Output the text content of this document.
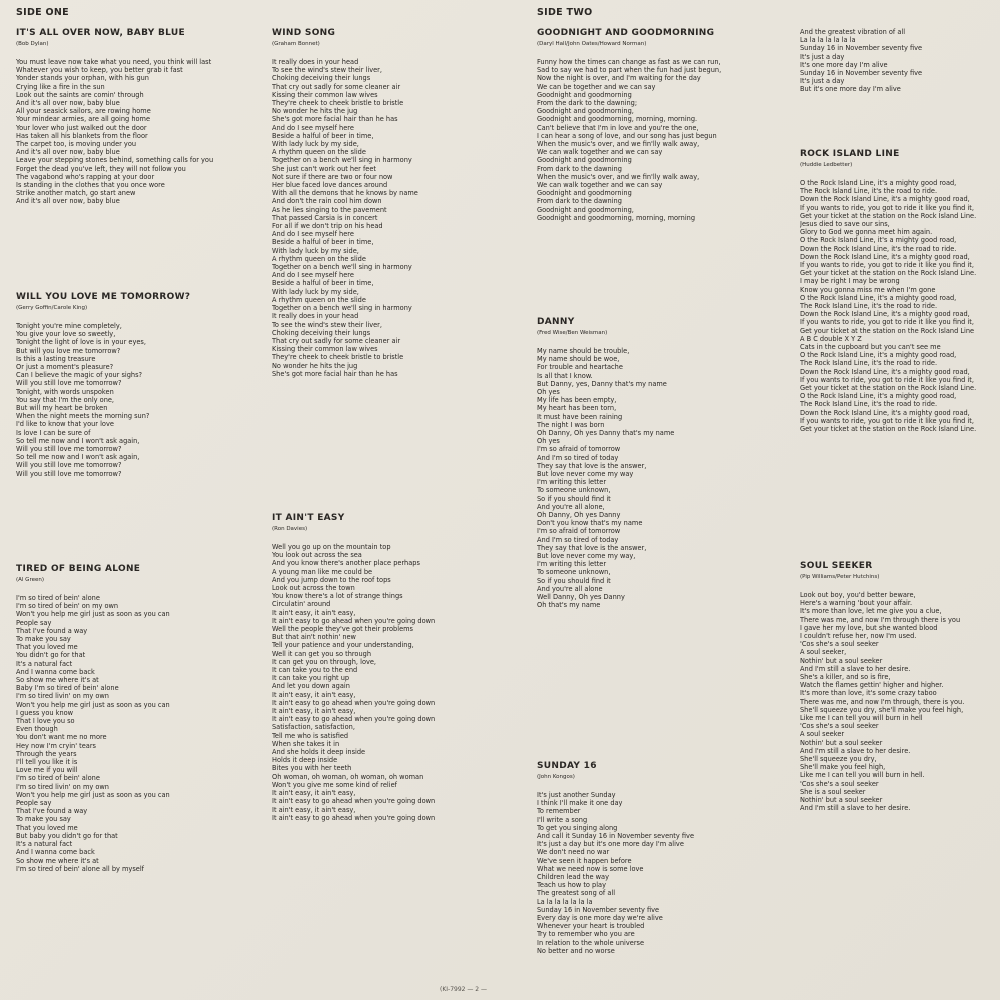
SIDE ONE	SIDE TWO
IT'S ALL OVER NOW, BABY BLUE
(Bob Dylan)
You must leave now take what you need, you think will last
Whatever you wish to keep, you better grab it fast
Yonder stands your orphan, with his gun
Crying like a fire in the sun
Look out the saints are comin' through
And it's all over now, baby blue
All your seasick sailors, are rowing home
Your mindear armies, are all going home
Your lover who just walked out the door
Has taken all his blankets from the floor
The carpet too, is moving under you
And it's all over now, baby blue
Leave your stepping stones behind, something calls for you
Forget the dead you've left, they will not follow you
The vagabond who's rapping at your door
Is standing in the clothes that you once wore
Strike another match, go start anew
And it's all over now, baby blue
WILL YOU LOVE ME TOMORROW?
(Gerry Goffin/Carole King)
Tonight you're mine completely,
You give your love so sweetly,
Tonight the light of love is in your eyes,
But will you love me tomorrow?
Is this a lasting treasure
Or just a moment's pleasure?
Can I believe the magic of your sighs?
Will you still love me tomorrow?
Tonight, with words unspoken
You say that I'm the only one,
But will my heart be broken
When the night meets the morning sun?
I'd like to know that your love
Is love I can be sure of
So tell me now and I won't ask again,
Will you still love me tomorrow?
So tell me now and I won't ask again,
Will you still love me tomorrow?
Will you still love me tomorrow?
TIRED OF BEING ALONE
(Al Green)
I'm so tired of bein' alone
I'm so tired of bein' on my own
Won't you help me girl just as soon as you can
People say
That I've found a way
To make you say
That you loved me
You didn't go for that
It's a natural fact
And I wanna come back
So show me where it's at
Baby I'm so tired of bein' alone
I'm so tired livin' on my own
Won't you help me girl just as soon as you can
I guess you know
That I love you so
Even though
You don't want me no more
Hey now I'm cryin' tears
Through the years
I'll tell you like it is
Love me if you will
I'm so tired of bein' alone
I'm so tired livin' on my own
Won't you help me girl just as soon as you can
People say
That I've found a way
To make you say
That you loved me
But baby you didn't go for that
It's a natural fact
And I wanna come back
So show me where it's at
I'm so tired of bein' alone all by myself
WIND SONG
(Graham Bonnet)
It really does in your head
To see the wind's stew their liver,
Choking deceiving their lungs
That cry out sadly for some cleaner air
Kissing their common law wives
They're cheek to cheek bristle to bristle
No wonder he hits the jug
She's got more facial hair than he has
And do I see myself here
Beside a halful of beer in time,
With lady luck by my side,
A rhythm queen on the slide
Together on a bench we'll sing in harmony
She just can't work out her feet
Not sure if there are two or four now
Her blue faced love dances around
With all the demons that he knows by name
And don't the rain cool him down
As he lies singing to the pavement
That passed Carsia is in concert
For all if we don't trip on his head
And do I see myself here
Beside a halful of beer in time,
With lady luck by my side,
A rhythm queen on the slide
Together on a bench we'll sing in harmony
And do I see myself here
Beside a halful of beer in time,
With lady luck by my side,
A rhythm queen on the slide
Together on a bench we'll sing in harmony
It really does in your head
To see the wind's stew their liver,
Choking deceiving their lungs
That cry out sadly for some cleaner air
Kissing their common law wives
They're cheek to cheek bristle to bristle
No wonder he hits the jug
She's got more facial hair than he has
IT AIN'T EASY
(Ron Davies)
Well you go up on the mountain top
You look out across the sea
And you know there's another place perhaps
A young man like me could be
And you jump down to the roof tops
Look out across the town
You know there's a lot of strange things
Circulatin' around
It ain't easy, it ain't easy,
It ain't easy to go ahead when you're going down
Well the people they've got their problems
But that ain't nothin' new
Tell your patience and your understanding,
Well it can get you so through
It can get you on through, love,
It can take you to the end
It can take you right up
And let you down again
It ain't easy, it ain't easy,
It ain't easy to go ahead when you're going down
It ain't easy, it ain't easy,
It ain't easy to go ahead when you're going down
Satisfaction, satisfaction,
Tell me who is satisfied
When she takes it in
And she holds it deep inside
Holds it deep inside
Bites you with her teeth
Oh woman, oh woman, oh woman, oh woman
Won't you give me some kind of relief
It ain't easy, it ain't easy,
It ain't easy to go ahead when you're going down
It ain't easy, it ain't easy,
It ain't easy to go ahead when you're going down
GOODNIGHT AND GOODMORNING
(Daryl Hall/John Oates/Howard Norman)
Funny how the times can change as fast as we can run,
Sad to say we had to part when the fun had just begun,
Now the night is over, and I'm waiting for the day
We can be together and we can say
Goodnight and goodmorning
From the dark to the dawning;
Goodnight and goodmorning,
Goodnight and goodmorning, morning, morning.
Can't believe that I'm in love and you're the one,
I can hear a song of love, and our song has just begun
When the music's over, and we fin'lly walk away,
We can walk together and we can say
Goodnight and goodmorning
From dark to the dawning
When the music's over, and we fin'lly walk away,
We can walk together and we can say
Goodnight and goodmorning
From dark to the dawning
Goodnight and goodmorning,
Goodnight and goodmorning, morning, morning
DANNY
(Fred Wise/Ben Weisman)
My name should be trouble,
My name should be woe,
For trouble and heartache
Is all that I know.
But Danny, yes, Danny that's my name
Oh yes
My life has been empty,
My heart has been torn,
It must have been raining
The night I was born
Oh Danny, Oh yes Danny that's my name
Oh yes
I'm so afraid of tomorrow
And I'm so tired of today
They say that love is the answer,
But love never come my way
I'm writing this letter
To someone unknown,
So if you should find it
And you're all alone,
Oh Danny, Oh yes Danny
Don't you know that's my name
I'm so afraid of tomorrow
And I'm so tired of today
They say that love is the answer,
But love never come my way,
I'm writing this letter
To someone unknown,
So if you should find it
And you're all alone
Well Danny, Oh yes Danny
Oh that's my name
SUNDAY 16
(John Kongos)
It's just another Sunday
I think I'll make it one day
To remember
I'll write a song
To get you singing along
And call it Sunday 16 in November seventy five
It's just a day but it's one more day I'm alive
We don't need no war
We've seen it happen before
What we need now is some love
Children lead the way
Teach us how to play
The greatest song of all
La la la la la la la
Sunday 16 in November seventy five
Every day is one more day we're alive
Whenever your heart is troubled
Try to remember who you are
In relation to the whole universe
No better and no worse
And the greatest vibration of all
La la la la la la la
Sunday 16 in November seventy five
It's just a day
It's one more day I'm alive
Sunday 16 in November seventy five
It's just a day
But it's one more day I'm alive
ROCK ISLAND LINE
(Huddie Ledbetter)
O the Rock Island Line, it's a mighty good road,
The Rock Island Line, it's the road to ride.
Down the Rock Island Line, it's a mighty good road,
If you wants to ride, you got to ride it like you find it,
Get your ticket at the station on the Rock Island Line.
Jesus died to save our sins,
Glory to God we gonna meet him again.
O the Rock Island Line, it's a mighty good road,
Down the Rock Island Line, it's the road to ride.
Down the Rock Island Line, it's a mighty good road,
If you wants to ride, you got to ride it like you find it,
Get your ticket at the station on the Rock Island Line.
I may be right I may be wrong
Know you gonna miss me when I'm gone
O the Rock Island Line, it's a mighty good road,
The Rock Island Line, it's the road to ride.
Down the Rock Island Line, it's a mighty good road,
If you wants to ride, you got to ride it like you find it,
Get your ticket at the station on the Rock Island Line
A B C double X Y Z
Cats in the cupboard but you can't see me
O the Rock Island Line, it's a mighty good road,
The Rock Island Line, it's the road to ride.
Down the Rock Island Line, it's a mighty good road,
If you wants to ride, you got to ride it like you find it,
Get your ticket at the station on the Rock Island Line.
O the Rock Island Line, it's a mighty good road,
The Rock Island Line, it's the road to ride.
Down the Rock Island Line, it's a mighty good road,
If you wants to ride, you got to ride it like you find it,
Get your ticket at the station on the Rock Island Line.
SOUL SEEKER
(Pip Williams/Peter Hutchins)
Look out boy, you'd better beware,
Here's a warning 'bout your affair.
It's more than love, let me give you a clue,
There was me, and now I'm through there is you
I gave her my love, but she wanted blood
I couldn't refuse her, now I'm used.
'Cos she's a soul seeker
A soul seeker,
Nothin' but a soul seeker
And I'm still a slave to her desire.
She's a killer, and so is fire,
Watch the flames gettin' higher and higher.
It's more than love, it's some crazy taboo
There was me, and now I'm through, there is you.
She'll squeeze you dry, she'll make you feel high,
Like me I can tell you will burn in hell
'Cos she's a soul seeker
A soul seeker
Nothin' but a soul seeker
And I'm still a slave to her desire.
She'll squeeze you dry,
She'll make you feel high,
Like me I can tell you will burn in hell.
'Cos she's a soul seeker
She is a soul seeker
Nothin' but a soul seeker
And I'm still a slave to her desire.
(KI-7992 — 2 —
